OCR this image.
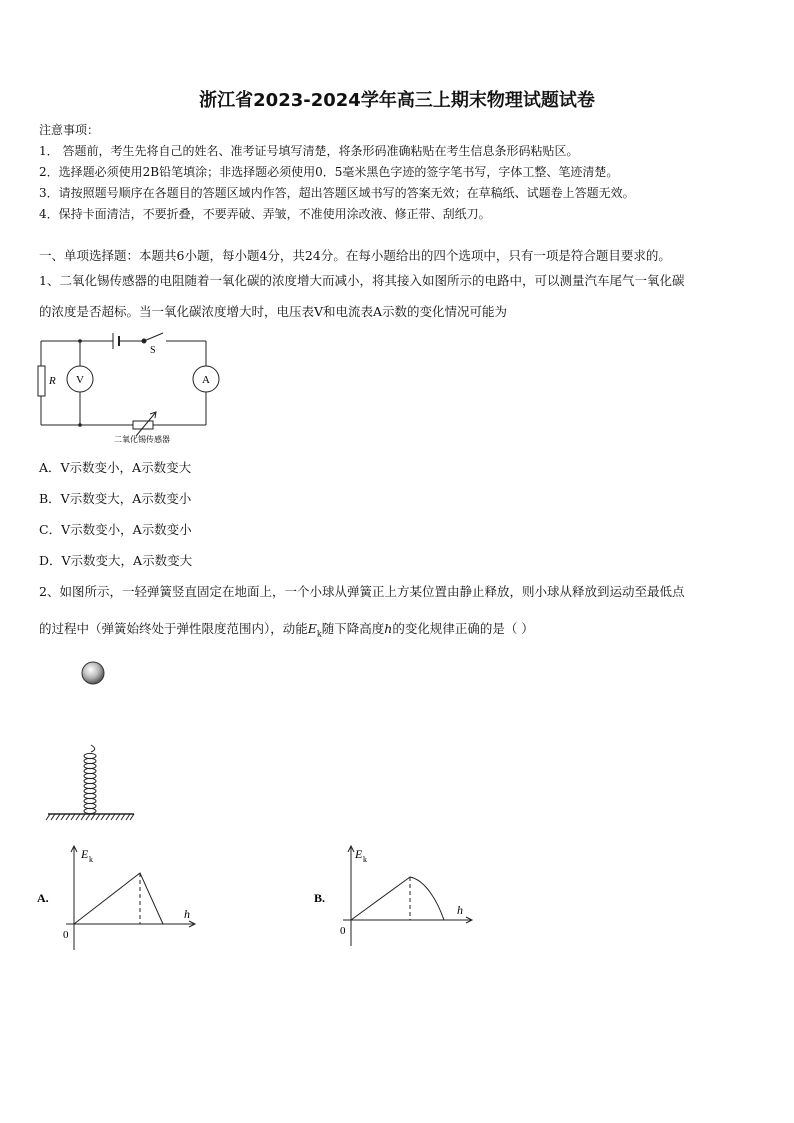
浙江省2023-2024学年高三上期末物理试题试卷
注意事项：
1． 答题前，考生先将自己的姓名、准考证号填写清楚，将条形码准确粘贴在考生信息条形码粘贴区。
2．选择题必须使用2B铅笔填涂；非选择题必须使用0．5毫米黑色字迹的签字笔书写，字体工整、笔迹清楚。
3．请按照题号顺序在各题目的答题区域内作答，超出答题区域书写的答案无效；在草稿纸、试题卷上答题无效。
4．保持卡面清洁，不要折叠，不要弄破、弄皱，不准使用涂改液、修正带、刮纸刀。
一、单项选择题：本题共6小题，每小题4分，共24分。在每小题给出的四个选项中，只有一项是符合题目要求的。
1、二氧化锡传感器的电阻随着一氧化碳的浓度增大而减小，将其接入如图所示的电路中，可以测量汽车尾气一氧化碳
的浓度是否超标。当一氧化碳浓度增大时，电压表V和电流表A示数的变化情况可能为
R V	A
S
二氧化锡传感器
A．V示数变小，A示数变大
B．V示数变大，A示数变小
C．V示数变小，A示数变小
D．V示数变大，A示数变大
2、如图所示，一轻弹簧竖直固定在地面上，一个小球从弹簧正上方某位置由静止释放，则小球从释放到运动至最低点
的过程中（弹簧始终处于弹性限度范围内），动能$E_k$随下降高度h的变化规律正确的是（ ）
A.
E k
h
0
B.
E k
h
0
